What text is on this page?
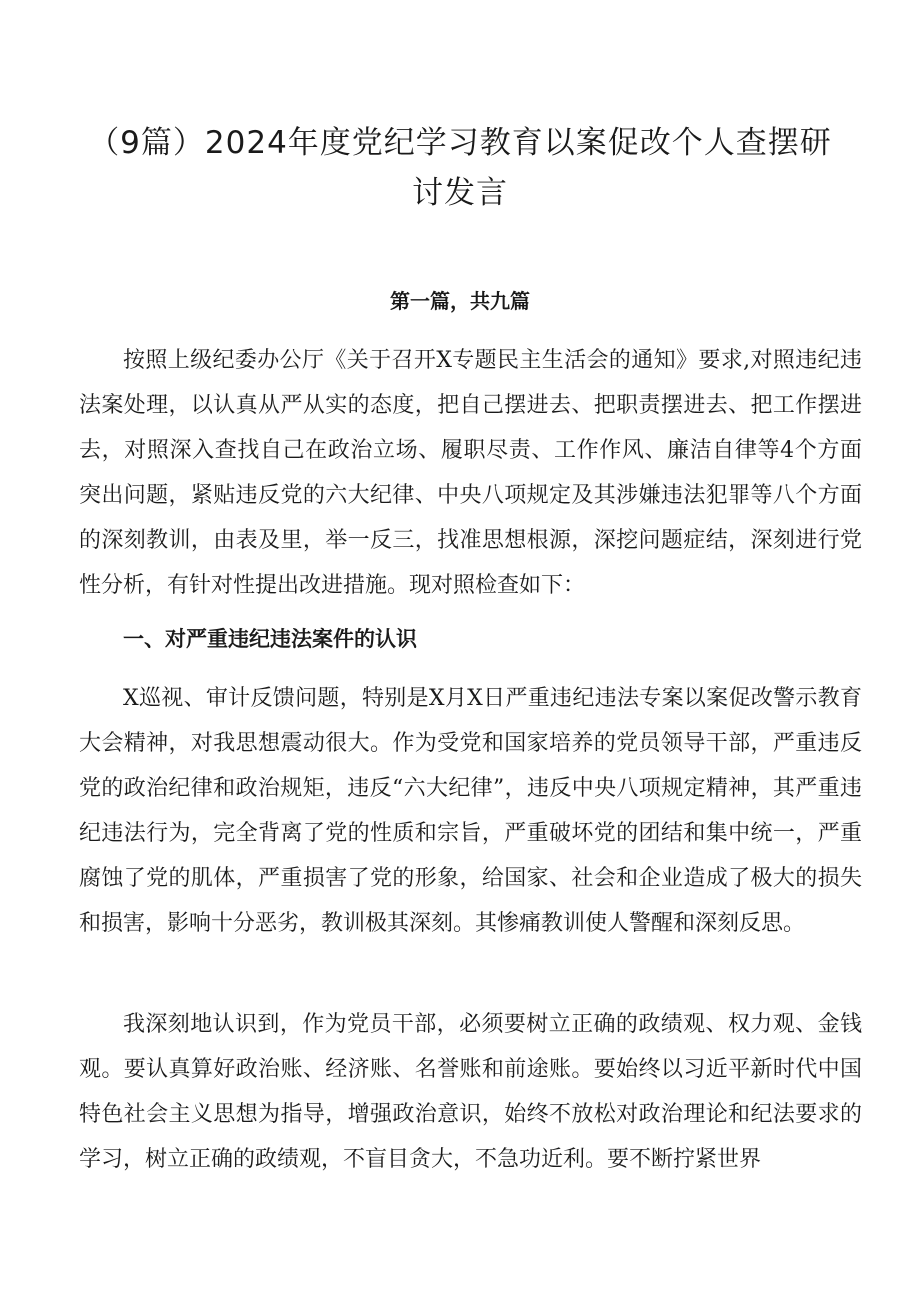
（9篇）2024年度党纪学习教育以案促改个人查摆研讨发言
第一篇，共九篇

按照上级纪委办公厅《关于召开X专题民主生活会的通知》要求,对照违纪违法案处理，以认真从严从实的态度，把自己摆进去、把职责摆进去、把工作摆进去，对照深入查找自己在政治立场、履职尽责、工作作风、廉洁自律等4个方面突出问题，紧贴违反党的六大纪律、中央八项规定及其涉嫌违法犯罪等八个方面的深刻教训，由表及里，举一反三，找准思想根源，深挖问题症结，深刻进行党性分析，有针对性提出改进措施。现对照检查如下：

一、对严重违纪违法案件的认识

X巡视、审计反馈问题，特别是X月X日严重违纪违法专案以案促改警示教育大会精神，对我思想震动很大。作为受党和国家培养的党员领导干部，严重违反党的政治纪律和政治规矩，违反“六大纪律”，违反中央八项规定精神，其严重违纪违法行为，完全背离了党的性质和宗旨，严重破坏党的团结和集中统一，严重腐蚀了党的肌体，严重损害了党的形象，给国家、社会和企业造成了极大的损失和损害，影响十分恶劣，教训极其深刻。其惨痛教训使人警醒和深刻反思。

我深刻地认识到，作为党员干部，必须要树立正确的政绩观、权力观、金钱观。要认真算好政治账、经济账、名誉账和前途账。要始终以习近平新时代中国特色社会主义思想为指导，增强政治意识，始终不放松对政治理论和纪法要求的学习，树立正确的政绩观，不盲目贪大，不急功近利。要不断拧紧世界
